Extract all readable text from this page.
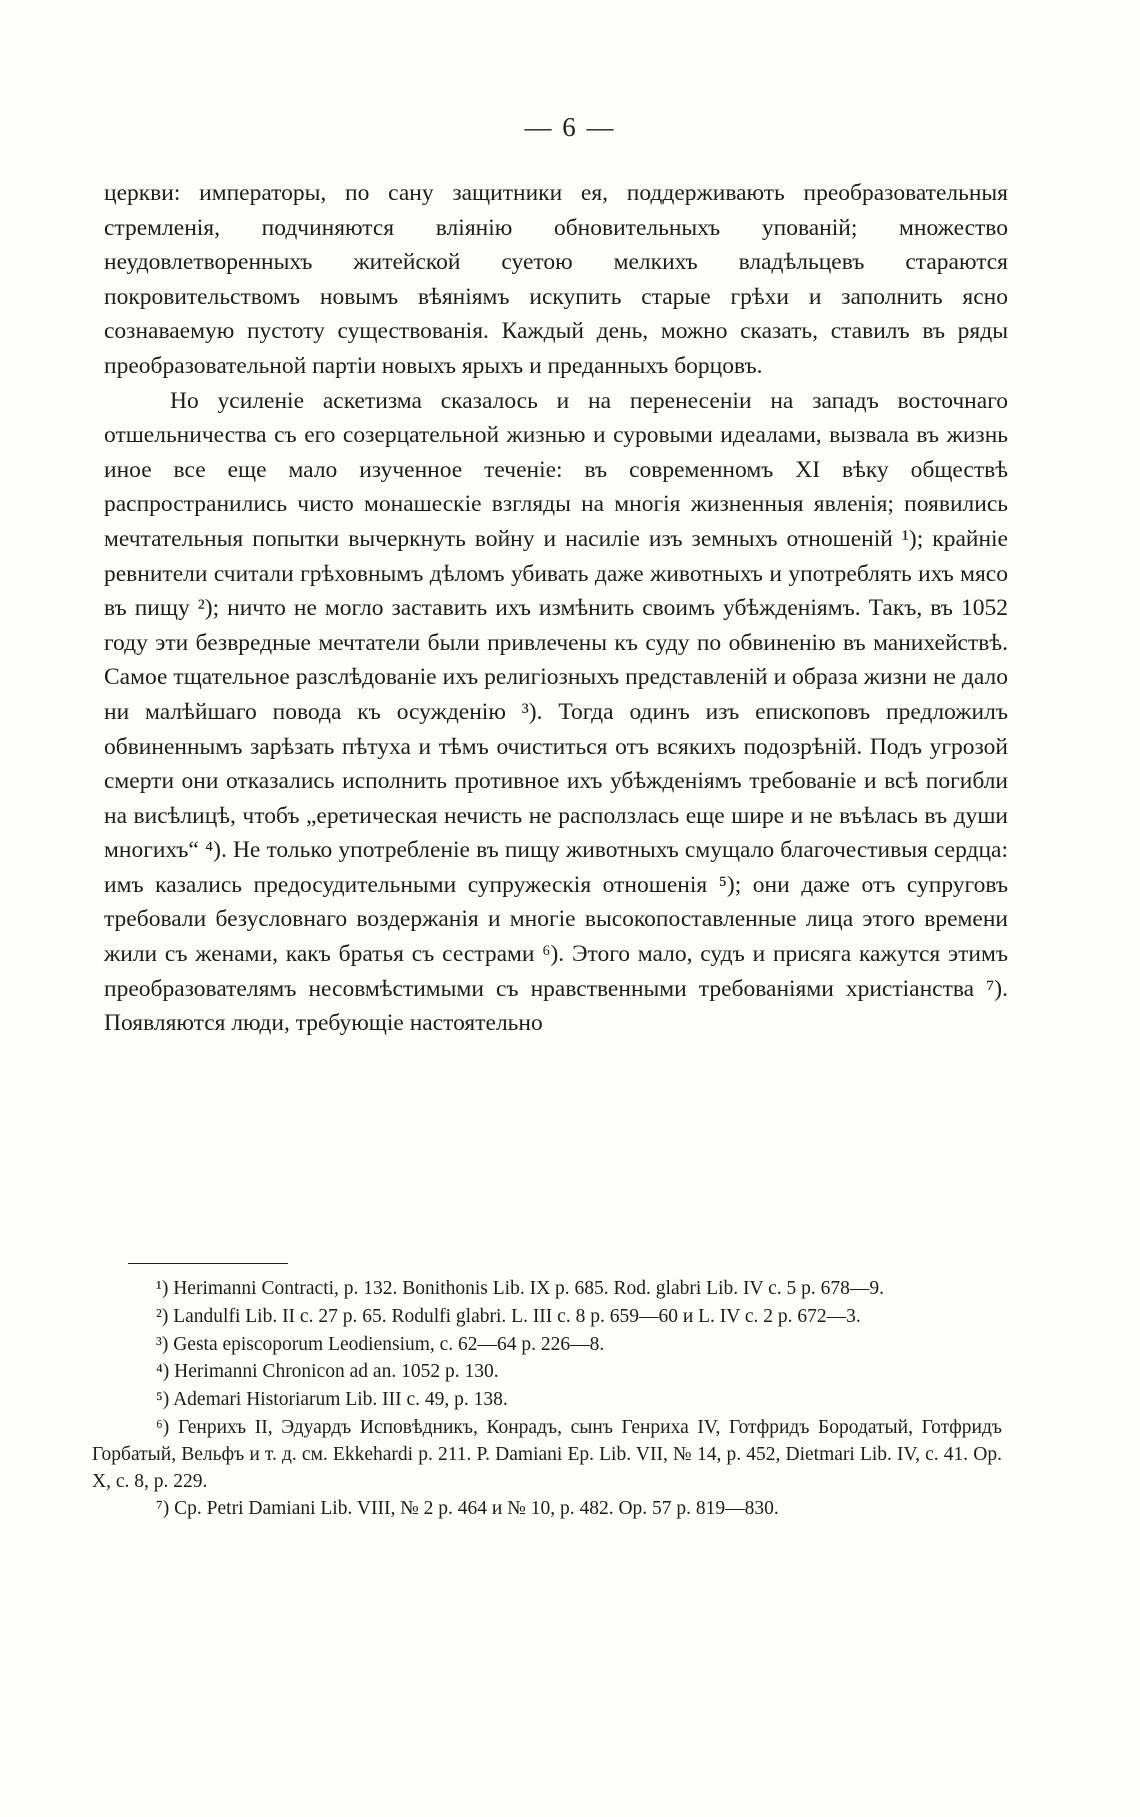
— 6 —

церкви: императоры, по сану защитники ея, поддерживають преобразовательныя стремленія, подчиняются вліянію обновительныхъ упованій; множество неудовлетворенныхъ житейской суетою мелкихъ владѣльцевъ стараются покровительствомъ новымъ вѣяніямъ искупить старые грѣхи и заполнить ясно сознаваемую пустоту существованія. Каждый день, можно сказать, ставилъ въ ряды преобразовательной партіи новыхъ ярыхъ и преданныхъ борцовъ.

Но усиленіе аскетизма сказалось и на перенесеніи на западъ восточнаго отшельничества съ его созерцательной жизнью и суровыми идеалами, вызвала въ жизнь иное все еще мало изученное теченіе: въ современномъ XI вѣку обществѣ распространились чисто монашескіе взгляды на многія жизненныя явленія; появились мечтательныя попытки вычеркнуть войну и насиліе изъ земныхъ отношеній ¹); крайніе ревнители считали грѣховнымъ дѣломъ убивать даже животныхъ и употреблять ихъ мясо въ пищу ²); ничто не могло заставить ихъ измѣнить своимъ убѣжденіямъ. Такъ, въ 1052 году эти безвредные мечтатели были привлечены къ суду по обвиненію въ манихействѣ. Самое тщательное разслѣдованіе ихъ религіозныхъ представленій и образа жизни не дало ни малѣйшаго повода къ осужденію ³). Тогда одинъ изъ епископовъ предложилъ обвиненнымъ зарѣзать пѣтуха и тѣмъ очиститься отъ всякихъ подозрѣній. Подъ угрозой смерти они отказались исполнить противное ихъ убѣжденіямъ требованіе и всѣ погибли на висѣлицѣ, чтобъ „еретическая нечисть не расползлась еще шире и не въѣлась въ души многихъ“ ⁴). Не только употребленіе въ пищу животныхъ смущало благочестивыя сердца: имъ казались предосудительными супружескія отношенія ⁵); они даже отъ супруговъ требовали безусловнаго воздержанія и многіе высокопоставленные лица этого времени жили съ женами, какъ братья съ сестрами ⁶). Этого мало, судъ и присяга кажутся этимъ преобразователямъ несовмѣстимыми съ нравственными требованіями христіанства ⁷). Появляются люди, требующіе настоятельно

¹) Herimanni Contracti, p. 132. Bonithonis Lib. IX p. 685. Rod. glabri Lib. IV c. 5 p. 678—9.

²) Landulfi Lib. II c. 27 p. 65. Rodulfi glabri. L. III c. 8 p. 659—60 и L. IV c. 2 p. 672—3.

³) Gesta episcoporum Leodiensium, c. 62—64 p. 226—8.

⁴) Herimanni Chronicon ad an. 1052 p. 130.

⁵) Ademari Historiarum Lib. III c. 49, p. 138.

⁶) Генрихъ II, Эдуардъ Исповѣдникъ, Конрадъ, сынъ Генриха IV, Готфридъ Бородатый, Готфридъ Горбатый, Вельфъ и т. д. см. Ekkehardi p. 211. P. Damiani Ep. Lib. VII, № 14, p. 452, Dietmari Lib. IV, c. 41. Op. X, c. 8, p. 229.

⁷) Cp. Petri Damiani Lib. VIII, № 2 p. 464 и № 10, p. 482. Op. 57 p. 819—830.
